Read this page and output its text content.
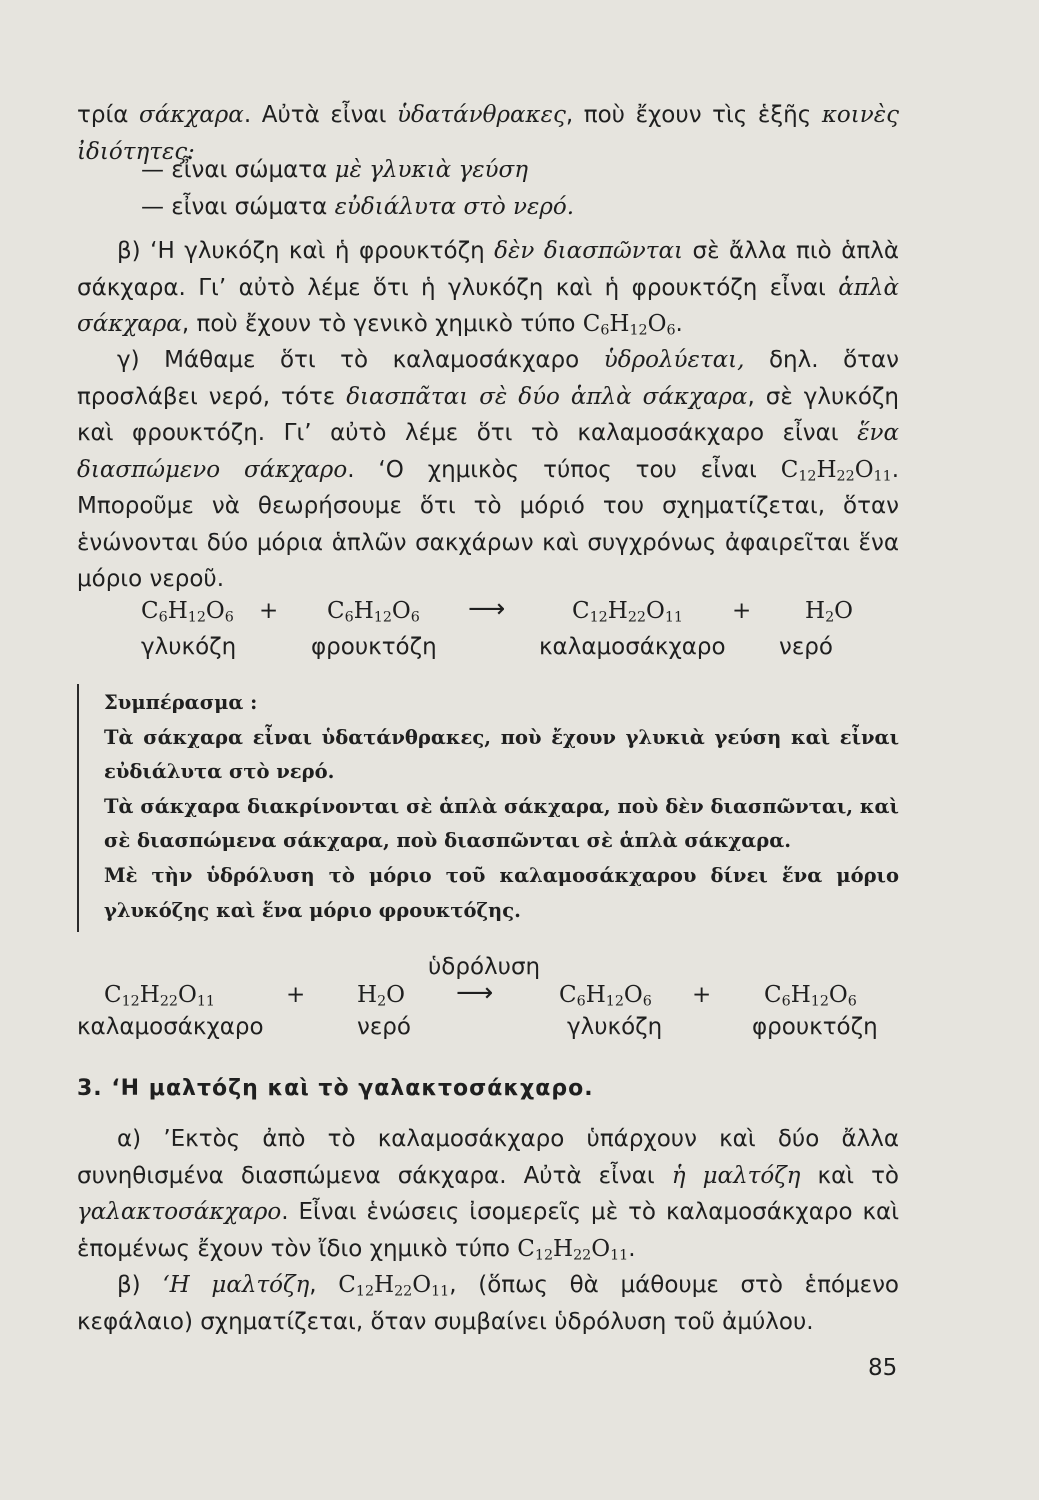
τρία σάκχαρα. Αὐτὰ εἶναι ὑδατάνθρακες, ποὺ ἔχουν τὶς ἑξῆς κοινὲς ἰδιότητες:

— εἶναι σώματα μὲ γλυκιὰ γεύση
— εἶναι σώματα εὐδιάλυτα στὸ νερό.

β) ‘Η γλυκόζη καὶ ἡ φρουκτόζη δὲν διασπῶνται σὲ ἄλλα πιὸ ἁπλὰ σάκχαρα. Γι’ αὐτὸ λέμε ὅτι ἡ γλυκόζη καὶ ἡ φρουκτόζη εἶναι ἁπλὰ σάκχαρα, ποὺ ἔχουν τὸ γενικὸ χημικὸ τύπο $C_6H_{12}O_6$.

γ) Μάθαμε ὅτι τὸ καλαμοσάκχαρο ὑδρολύεται, δηλ. ὅταν προσλάβει νερό, τότε διασπᾶται σὲ δύο ἁπλὰ σάκχαρα, σὲ γλυκόζη καὶ φρουκτόζη. Γι’ αὐτὸ λέμε ὅτι τὸ καλαμοσάκχαρο εἶναι ἕνα διασπώμενο σάκχαρο. ‘Ο χημικὸς τύπος του εἶναι $C_{12}H_{22}O_{11}$. Μποροῦμε νὰ θεωρήσουμε ὅτι τὸ μόριό του σχηματίζεται, ὅταν ἑνώνονται δύο μόρια ἁπλῶν σακχάρων καὶ συγχρόνως ἀφαιρεῖται ἕνα μόριο νεροῦ.

$C_6H_{12}O_6 + C_6H_{12}O_6$ ⟶	$C_{12}H_{22}O_{11} + H_2O$
γλυκόζη	φρουκτόζη	καλαμοσάκχαρο νερό

Συμπέρασμα :

Τὰ σάκχαρα εἶναι ὑδατάνθρακες, ποὺ ἔχουν γλυκιὰ γεύση καὶ εἶναι εὐδιάλυτα στὸ νερό.

Τὰ σάκχαρα διακρίνονται σὲ ἁπλὰ σάκχαρα, ποὺ δὲν διασπῶνται, καὶ σὲ διασπώμενα σάκχαρα, ποὺ διασπῶνται σὲ ἁπλὰ σάκχαρα.

Μὲ τὴν ὑδρόλυση τὸ μόριο τοῦ καλαμοσάκχαρου δίνει ἕνα μόριο γλυκόζης καὶ ἕνα μόριο φρουκτόζης.

ὑδρόλυση
$C_{12}H_{22}O_{11}$	+ $H_2O$ ⟶	$C_6H_{12}O_6 + C_6H_{12}O_6$
καλαμοσάκχαρο	νερό	γλυκόζη	φρουκτόζη
3. ‘Η μαλτόζη καὶ τὸ γαλακτοσάκχαρο.

α) ’Εκτὸς ἀπὸ τὸ καλαμοσάκχαρο ὑπάρχουν καὶ δύο ἄλλα συνηθισμένα διασπώμενα σάκχαρα. Αὐτὰ εἶναι ἡ μαλτόζη καὶ τὸ γαλακτοσάκχαρο. Εἶναι ἑνώσεις ἰσομερεῖς μὲ τὸ καλαμοσάκχαρο καὶ ἑπομένως ἔχουν τὸν ἴδιο χημικὸ τύπο $C_{12}H_{22}O_{11}$.

β) ‘Η μαλτόζη, $C_{12}H_{22}O_{11}$, (ὅπως θὰ μάθουμε στὸ ἑπόμενο κεφάλαιο) σχηματίζεται, ὅταν συμβαίνει ὑδρόλυση τοῦ ἀμύλου.

85
